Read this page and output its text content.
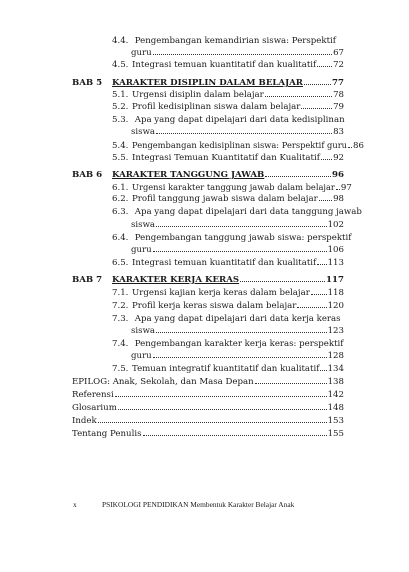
4.4. Pengembangan kemandirian siswa: Perspektif
guru	67
4.5. Integrasi temuan kuantitatif dan kualitatif 72
BAB 5 KARAKTER DISIPLIN DALAM BELAJAR	77
5.1. Urgensi disiplin dalam belajar	78
5.2. Profil kedisiplinan siswa dalam belajar	79
5.3. Apa yang dapat dipelajari dari data kedisiplinan
siswa	83
5.4. Pengembangan kedisiplinan siswa: Perspektif guru 86
5.5. Integrasi Temuan Kuantitatif dan Kualitatif 92
BAB 6 KARAKTER TANGGUNG JAWAB	96
6.1. Urgensi karakter tanggung jawab dalam belajar 97
6.2. Profil tanggung jawab siswa dalam belajar 98
6.3. Apa yang dapat dipelajari dari data tanggung jawab
siswa	102
6.4. Pengembangan tanggung jawab siswa: perspektif
guru	106
6.5. Integrasi temuan kuantitatif dan kualitatif 113
BAB 7 KARAKTER KERJA KERAS	117
7.1. Urgensi kajian kerja keras dalam belajar 118
7.2. Profil kerja keras siswa dalam belajar	120
7.3. Apa yang dapat dipelajari dari data kerja keras
siswa	123
7.4. Pengembangan karakter kerja keras: perspektif
guru	128
7.5. Temuan integratif kuantitatif dan kualitatif 134
EPILOG: Anak, Sekolah, dan Masa Depan	138
Referensi	142
Glosarium	148
Indek	153
Tentang Penulis	155
x	PSIKOLOGI PENDIDIKAN Membentuk Karakter Belajar Anak
